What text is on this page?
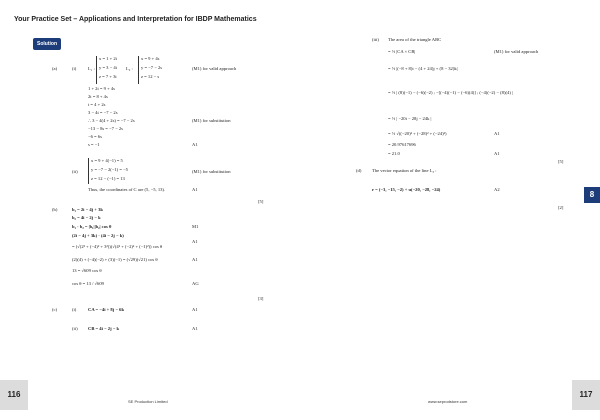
Your Practice Set – Applications and Interpretation for IBDP Mathematics
Solution
(a)	(i)	L₁ :
x = 1 + 2t
y = 3 − 4t
z = 7 + 3t
L₂ :
x = 9 + 4s
y = −7 − 2s
z = 12 − s
(M1) for valid approach
1 + 2t = 9 + 4s
2t = 8 + 4s
t = 4 + 2s
3 − 4t = −7 − 2s
∴ 3 − 4(4 + 2s) = −7 − 2s	(M1) for substitution
−13 − 8s = −7 − 2s
−6 = 6s
s = −1	A1
(ii)
x = 9 + 4(−1) = 5
y = −7 − 2(−1) = −5
z = 12 − (−1) = 13
(M1) for substitution
Thus, the coordinates of C are (5, −5, 13).	A1
[5]
(b)	b₁ = 2i − 4j + 3k
b₂ = 4i − 2j − k
b₁ · b₂ = |b₁||b₂| cos θ	M1
(2i − 4j + 3k) · (4i − 2j − k)
= (√(2² + (−4)² + 3²))(√(4² + (−2)² + (−1)²)) cos θ
A1
(2)(4) + (−4)(−2) + (3)(−1) = (√29)(√21) cos θ	A1
13 = √609 cos θ
cos θ = 13 / √609	AG
[3]
(c)	(i)	CA = −4i + 8j − 6k	A1
(ii) CB = 4i − 2j − k	A1
(iii) The area of the triangle ABC
= ½ |CA × CB|	(M1) for valid approach
= ½ |(−8 + 8)i − (4 + 24)j + (8 − 32)k|
= ½ | (8)(−1) − (−6)(−2) ; −[(−4)(−1) − (−6)(4)] ; (−4)(−2) − (8)(4) |
= ½ | −20i − 28j − 24k |
= ½ √((−20)² + (−28)² + (−24)²)	A1
= 20.97617696
= 21.0	A1
[5]
(d) The vector equation of the line L₃ :
r = (−3, −15, −2) + u(−20, −28, −24)	A2
[2]
8
116	117
SE Production Limited	www.seprodstore.com
